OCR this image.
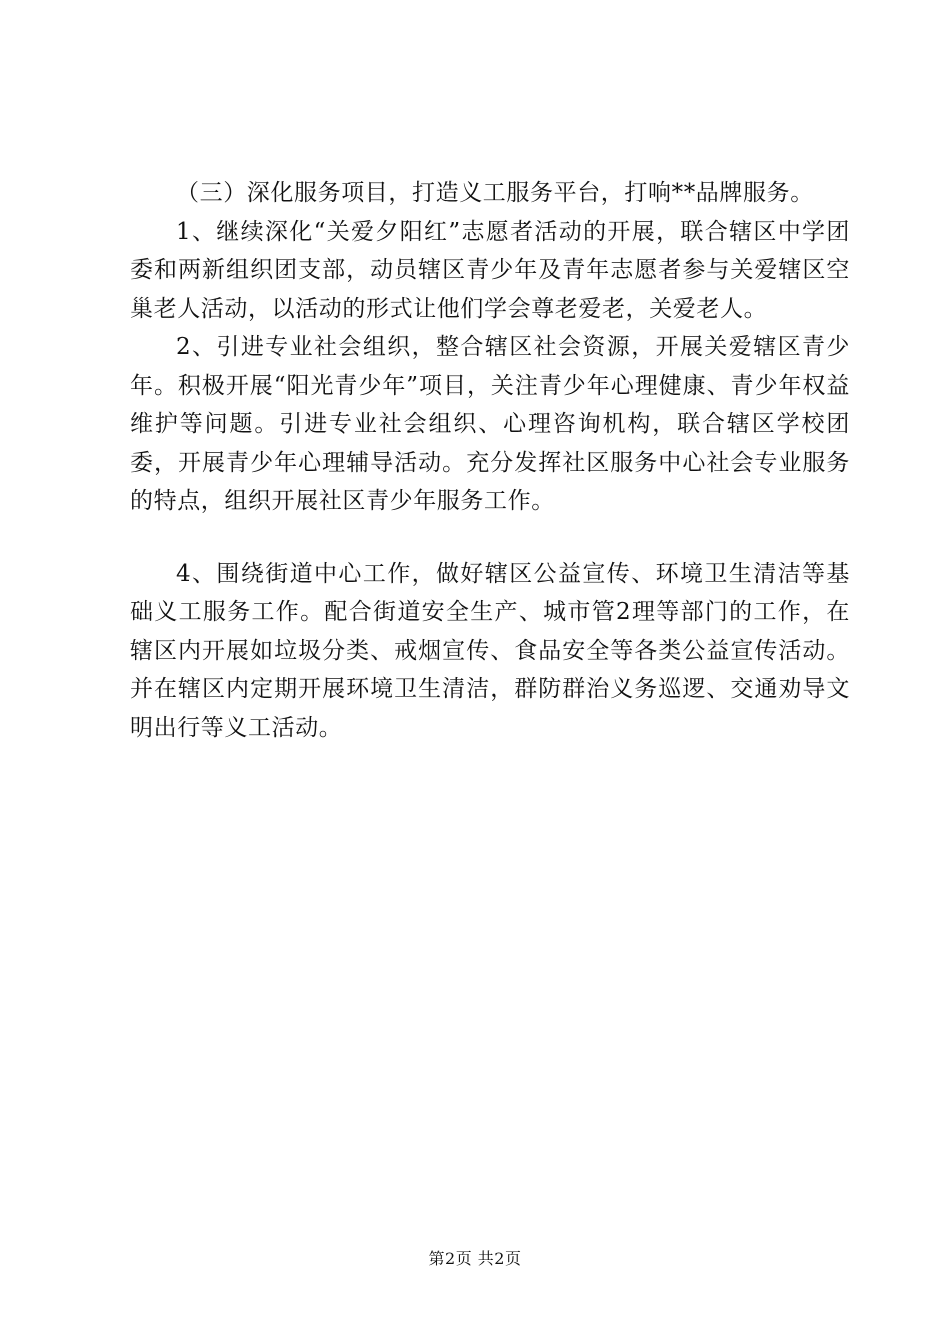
（三）深化服务项目，打造义工服务平台，打响**品牌服务。

1、继续深化“关爱夕阳红”志愿者活动的开展，联合辖区中学团委和两新组织团支部，动员辖区青少年及青年志愿者参与关爱辖区空巢老人活动，以活动的形式让他们学会尊老爱老，关爱老人。

2、引进专业社会组织，整合辖区社会资源，开展关爱辖区青少年。积极开展“阳光青少年”项目，关注青少年心理健康、青少年权益维护等问题。引进专业社会组织、心理咨询机构，联合辖区学校团委，开展青少年心理辅导活动。充分发挥社区服务中心社会专业服务的特点，组织开展社区青少年服务工作。

4、围绕街道中心工作，做好辖区公益宣传、环境卫生清洁等基础义工服务工作。配合街道安全生产、城市管2理等部门的工作，在辖区内开展如垃圾分类、戒烟宣传、食品安全等各类公益宣传活动。并在辖区内定期开展环境卫生清洁，群防群治义务巡逻、交通劝导文明出行等义工活动。

第2页 共2页
